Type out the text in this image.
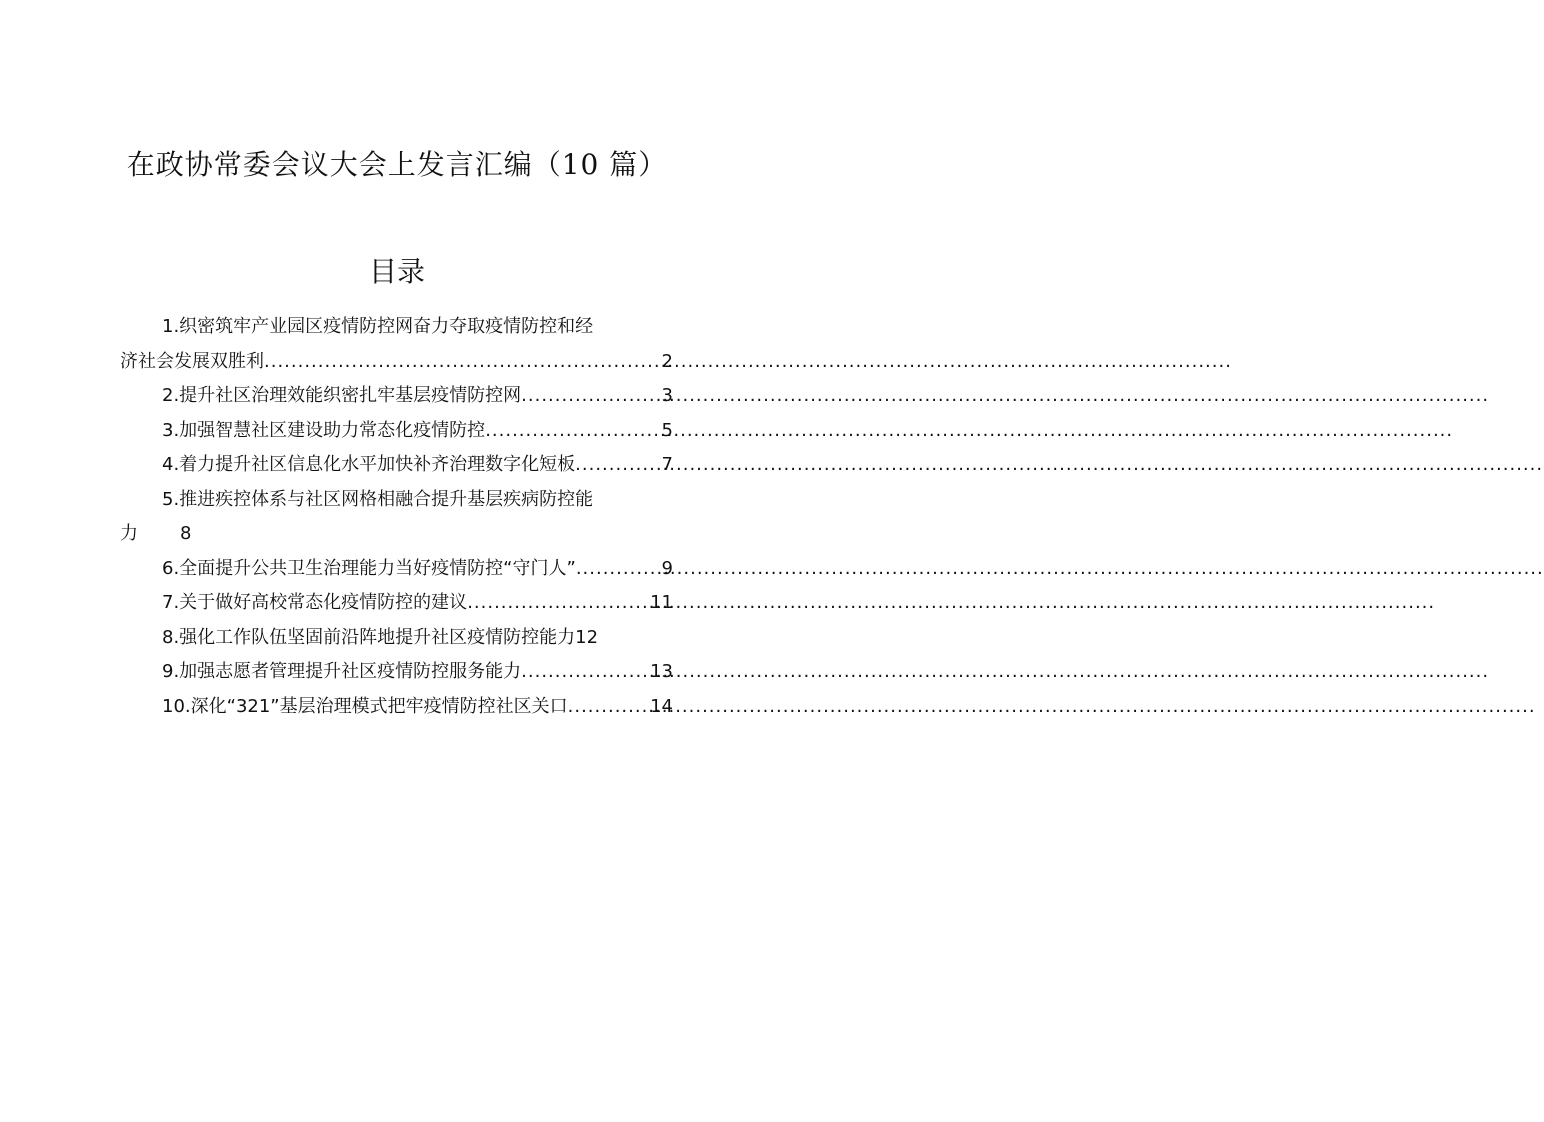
在政协常委会议大会上发言汇编（10 篇）
目录
1.织密筑牢产业园区疫情防控网奋力夺取疫情防控和经
济社会发展双胜利 .....	2
2.提升社区治理效能织密扎牢基层疫情防控网 .....	3
3.加强智慧社区建设助力常态化疫情防控 .....	5
4.着力提升社区信息化水平加快补齐治理数字化短板 .....	7
5.推进疾控体系与社区网格相融合提升基层疾病防控能
力 8
6.全面提升公共卫生治理能力当好疫情防控“守门人” .....	9
7.关于做好高校常态化疫情防控的建议 .....	11
8.强化工作队伍坚固前沿阵地提升社区疫情防控能力 12
9.加强志愿者管理提升社区疫情防控服务能力 .....	13
10.深化“321”基层治理模式把牢疫情防控社区关口 .....	14
